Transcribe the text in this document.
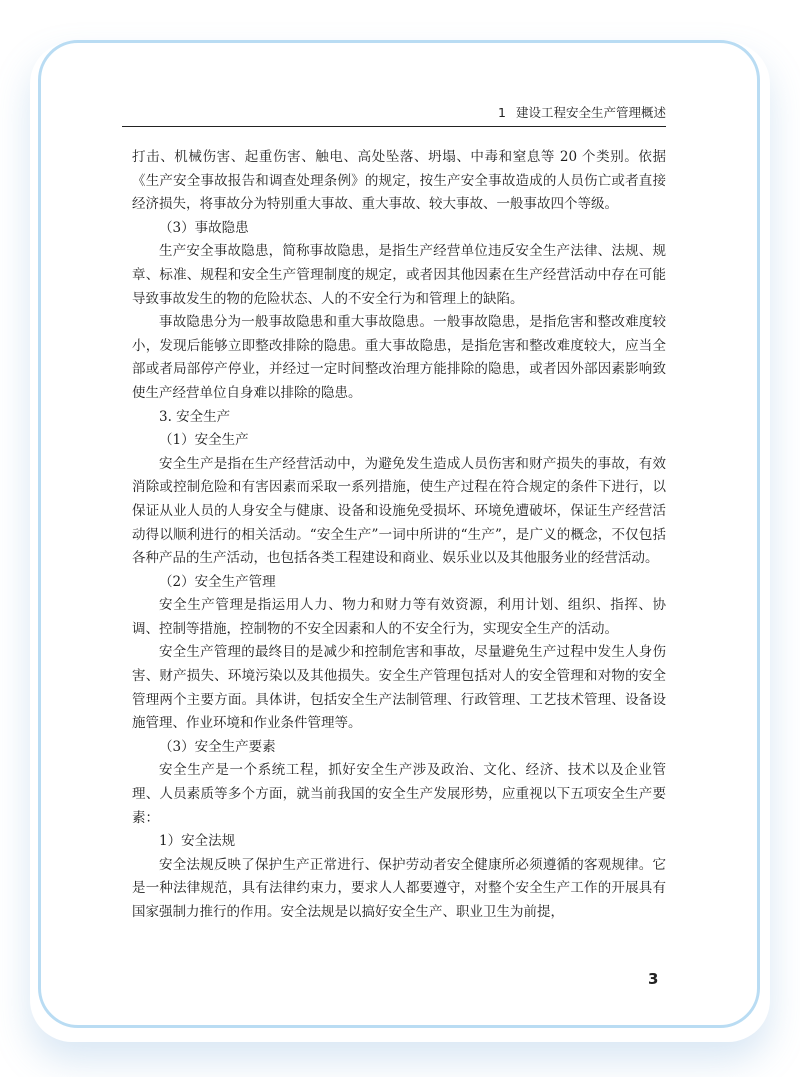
1 建设工程安全生产管理概述

打击、机械伤害、起重伤害、触电、高处坠落、坍塌、中毒和窒息等 20 个类别。依据《生产安全事故报告和调查处理条例》的规定，按生产安全事故造成的人员伤亡或者直接经济损失，将事故分为特别重大事故、重大事故、较大事故、一般事故四个等级。

（3）事故隐患

生产安全事故隐患，简称事故隐患，是指生产经营单位违反安全生产法律、法规、规章、标准、规程和安全生产管理制度的规定，或者因其他因素在生产经营活动中存在可能导致事故发生的物的危险状态、人的不安全行为和管理上的缺陷。

事故隐患分为一般事故隐患和重大事故隐患。一般事故隐患，是指危害和整改难度较小，发现后能够立即整改排除的隐患。重大事故隐患，是指危害和整改难度较大，应当全部或者局部停产停业，并经过一定时间整改治理方能排除的隐患，或者因外部因素影响致使生产经营单位自身难以排除的隐患。

3. 安全生产

（1）安全生产

安全生产是指在生产经营活动中，为避免发生造成人员伤害和财产损失的事故，有效消除或控制危险和有害因素而采取一系列措施，使生产过程在符合规定的条件下进行，以保证从业人员的人身安全与健康、设备和设施免受损坏、环境免遭破坏，保证生产经营活动得以顺利进行的相关活动。“安全生产”一词中所讲的“生产”，是广义的概念，不仅包括各种产品的生产活动，也包括各类工程建设和商业、娱乐业以及其他服务业的经营活动。

（2）安全生产管理

安全生产管理是指运用人力、物力和财力等有效资源，利用计划、组织、指挥、协调、控制等措施，控制物的不安全因素和人的不安全行为，实现安全生产的活动。

安全生产管理的最终目的是减少和控制危害和事故，尽量避免生产过程中发生人身伤害、财产损失、环境污染以及其他损失。安全生产管理包括对人的安全管理和对物的安全管理两个主要方面。具体讲，包括安全生产法制管理、行政管理、工艺技术管理、设备设施管理、作业环境和作业条件管理等。

（3）安全生产要素

安全生产是一个系统工程，抓好安全生产涉及政治、文化、经济、技术以及企业管理、人员素质等多个方面，就当前我国的安全生产发展形势，应重视以下五项安全生产要素：

1）安全法规

安全法规反映了保护生产正常进行、保护劳动者安全健康所必须遵循的客观规律。它是一种法律规范，具有法律约束力，要求人人都要遵守，对整个安全生产工作的开展具有国家强制力推行的作用。安全法规是以搞好安全生产、职业卫生为前提，

3
